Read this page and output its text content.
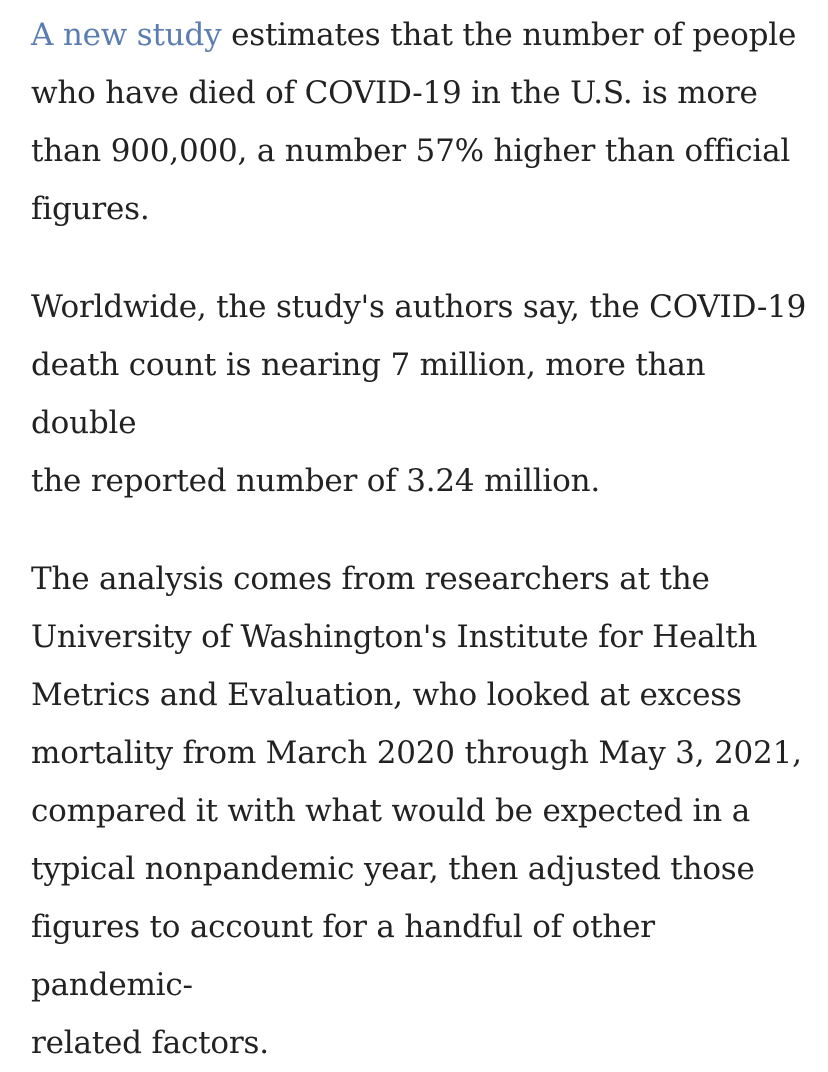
A new study estimates that the number of people
who have died of COVID-19 in the U.S. is more
than 900,000, a number 57% higher than official
figures.

Worldwide, the study's authors say, the COVID-19
death count is nearing 7 million, more than double
the reported number of 3.24 million.

The analysis comes from researchers at the
University of Washington's Institute for Health
Metrics and Evaluation, who looked at excess
mortality from March 2020 through May 3, 2021,
compared it with what would be expected in a
typical nonpandemic year, then adjusted those
figures to account for a handful of other pandemic-
related factors.
